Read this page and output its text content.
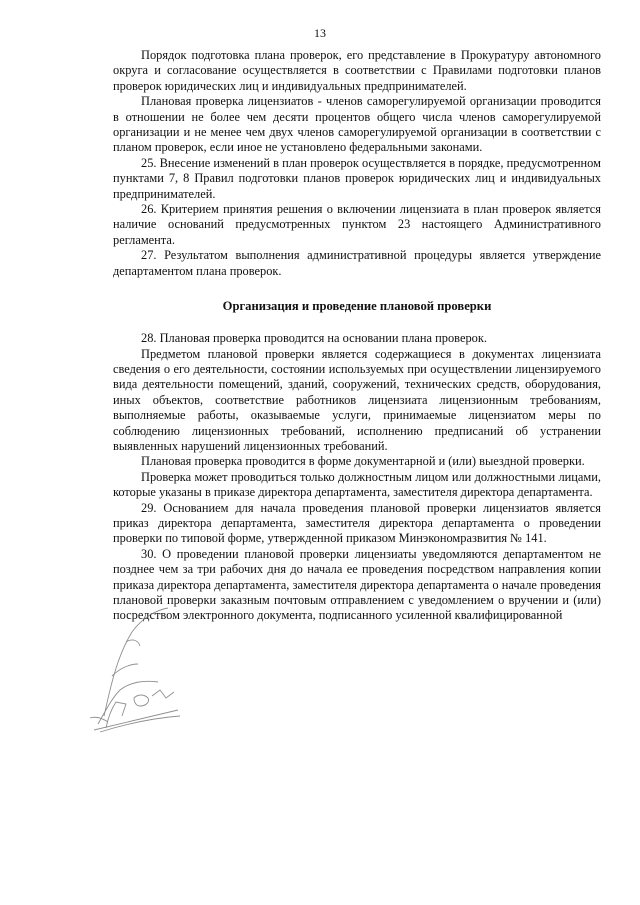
13

Порядок подготовка плана проверок, его представление в Прокуратуру автономного округа и согласование осуществляется в соответствии с Правилами подготовки планов проверок юридических лиц и индивидуальных предпринимателей.

Плановая проверка лицензиатов - членов саморегулируемой организации проводится в отношении не более чем десяти процентов общего числа членов саморегулируемой организации и не менее чем двух членов саморегулируемой организации в соответствии с планом проверок, если иное не установлено федеральными законами.

25. Внесение изменений в план проверок осуществляется в порядке, предусмотренном пунктами 7, 8 Правил подготовки планов проверок юридических лиц и индивидуальных предпринимателей.

26. Критерием принятия решения о включении лицензиата в план проверок является наличие оснований предусмотренных пунктом 23 настоящего Административного регламента.

27. Результатом выполнения административной процедуры является утверждение департаментом плана проверок.

Организация и проведение плановой проверки

28. Плановая проверка проводится на основании плана проверок.

Предметом плановой проверки является содержащиеся в документах лицензиата сведения о его деятельности, состоянии используемых при осуществлении лицензируемого вида деятельности помещений, зданий, сооружений, технических средств, оборудования, иных объектов, соответствие работников лицензиата лицензионным требованиям, выполняемые работы, оказываемые услуги, принимаемые лицензиатом меры по соблюдению лицензионных требований, исполнению предписаний об устранении выявленных нарушений лицензионных требований.

Плановая проверка проводится в форме документарной и (или) выездной проверки.

Проверка может проводиться только должностным лицом или должностными лицами, которые указаны в приказе директора департамента, заместителя директора департамента.

29. Основанием для начала проведения плановой проверки лицензиатов является приказ директора департамента, заместителя директора департамента о проведении проверки по типовой форме, утвержденной приказом Минэкономразвития № 141.

30. О проведении плановой проверки лицензиаты уведомляются департаментом не позднее чем за три рабочих дня до начала ее проведения посредством направления копии приказа директора департамента, заместителя директора департамента о начале проведения плановой проверки заказным почтовым отправлением с уведомлением о вручении и (или) посредством электронного документа, подписанного усиленной квалифицированной
